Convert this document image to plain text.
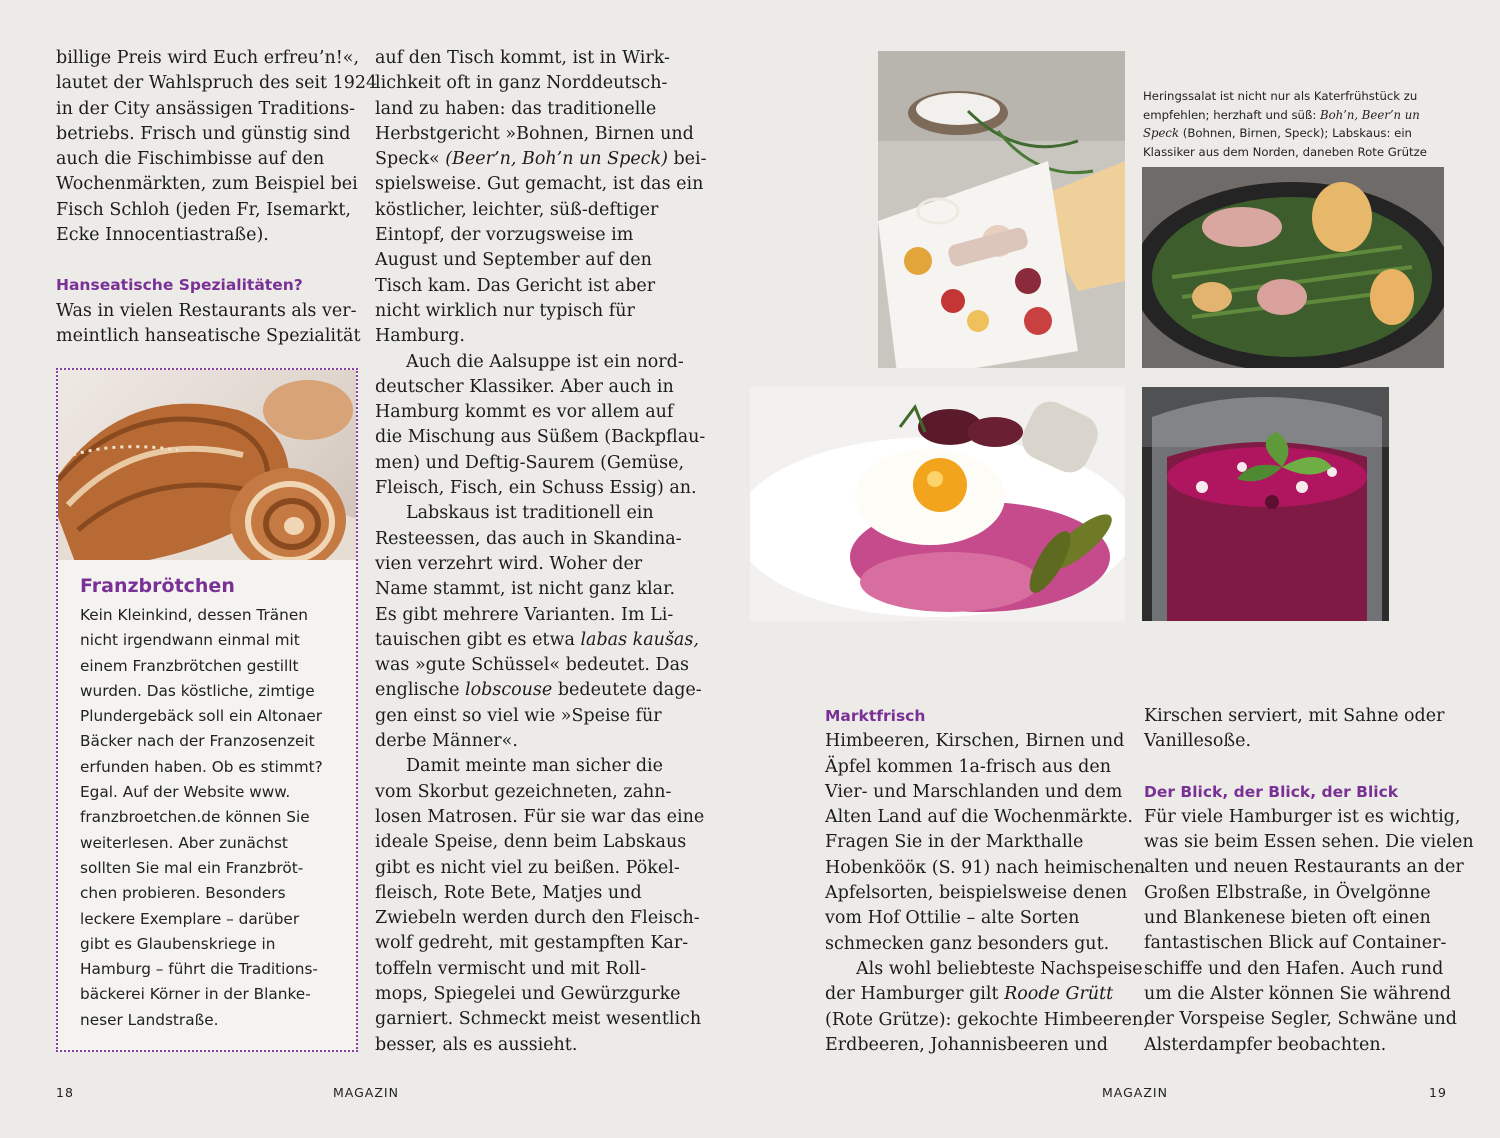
billige Preis wird Euch erfreu’n!«,

lautet der Wahlspruch des seit 1924

in der City ansässigen Traditions-

betriebs. Frisch und günstig sind

auch die Fischimbisse auf den

Wochenmärkten, zum Beispiel bei

Fisch Schloh (jeden Fr, Isemarkt,

Ecke Innocentiastraße).

Hanseatische Spezialitäten?

Was in vielen Restaurants als ver-

meintlich hanseatische Spezialität

Franzbrötchen

Kein Kleinkind, dessen Tränen

nicht irgendwann einmal mit

einem Franzbrötchen gestillt

wurden. Das köstliche, zimtige

Plundergebäck soll ein Altonaer

Bäcker nach der Franzosenzeit

erfunden haben. Ob es stimmt?

Egal. Auf der Website www.

franzbroetchen.de können Sie

weiterlesen. Aber zunächst

sollten Sie mal ein Franzbröt-

chen probieren. Besonders

leckere Exemplare – darüber

gibt es Glaubenskriege in

Hamburg – führt die Traditions-

bäckerei Körner in der Blanke-

neser Landstraße.

auf den Tisch kommt, ist in Wirk-

lichkeit oft in ganz Norddeutsch-

land zu haben: das traditionelle

Herbstgericht »Bohnen, Birnen und

Speck« (Beer’n, Boh’n un Speck) bei-

spielsweise. Gut gemacht, ist das ein

köstlicher, leichter, süß-deftiger

Eintopf, der vorzugsweise im

August und September auf den

Tisch kam. Das Gericht ist aber

nicht wirklich nur typisch für

Hamburg.

Auch die Aalsuppe ist ein nord-

deutscher Klassiker. Aber auch in

Hamburg kommt es vor allem auf

die Mischung aus Süßem (Backpflau-

men) und Deftig-Saurem (Gemüse,

Fleisch, Fisch, ein Schuss Essig) an.

Labskaus ist traditionell ein

Resteessen, das auch in Skandina-

vien verzehrt wird. Woher der

Name stammt, ist nicht ganz klar.

Es gibt mehrere Varianten. Im Li-

tauischen gibt es etwa labas kaušas,

was »gute Schüssel« bedeutet. Das

englische lobscouse bedeutete dage-

gen einst so viel wie »Speise für

derbe Männer«.

Damit meinte man sicher die

vom Skorbut gezeichneten, zahn-

losen Matrosen. Für sie war das eine

ideale Speise, denn beim Labskaus

gibt es nicht viel zu beißen. Pökel-

fleisch, Rote Bete, Matjes und

Zwiebeln werden durch den Fleisch-

wolf gedreht, mit gestampften Kar-

toffeln vermischt und mit Roll-

mops, Spiegelei und Gewürzgurke

garniert. Schmeckt meist wesentlich

besser, als es aussieht.

18	MAGAZIN

Heringssalat ist nicht nur als Katerfrühstück zu

empfehlen; herzhaft und süß: Boh’n, Beer’n un

Speck (Bohnen, Birnen, Speck); Labskaus: ein

Klassiker aus dem Norden, daneben Rote Grütze

Marktfrisch

Himbeeren, Kirschen, Birnen und

Äpfel kommen 1a-frisch aus den

Vier- und Marschlanden und dem

Alten Land auf die Wochenmärkte.

Fragen Sie in der Markthalle

Hobenkööк (S. 91) nach heimischen

Apfelsorten, beispielsweise denen

vom Hof Ottilie – alte Sorten

schmecken ganz besonders gut.

Als wohl beliebteste Nachspeise

der Hamburger gilt Roode Grütt

(Rote Grütze): gekochte Himbeeren,

Erdbeeren, Johannisbeeren und

Kirschen serviert, mit Sahne oder

Vanillesoße.

Der Blick, der Blick, der Blick

Für viele Hamburger ist es wichtig,

was sie beim Essen sehen. Die vielen

alten und neuen Restaurants an der

Großen Elbstraße, in Övelgönne

und Blankenese bieten oft einen

fantastischen Blick auf Container-

schiffe und den Hafen. Auch rund

um die Alster können Sie während

der Vorspeise Segler, Schwäne und

Alsterdampfer beobachten.

MAGAZIN	19
